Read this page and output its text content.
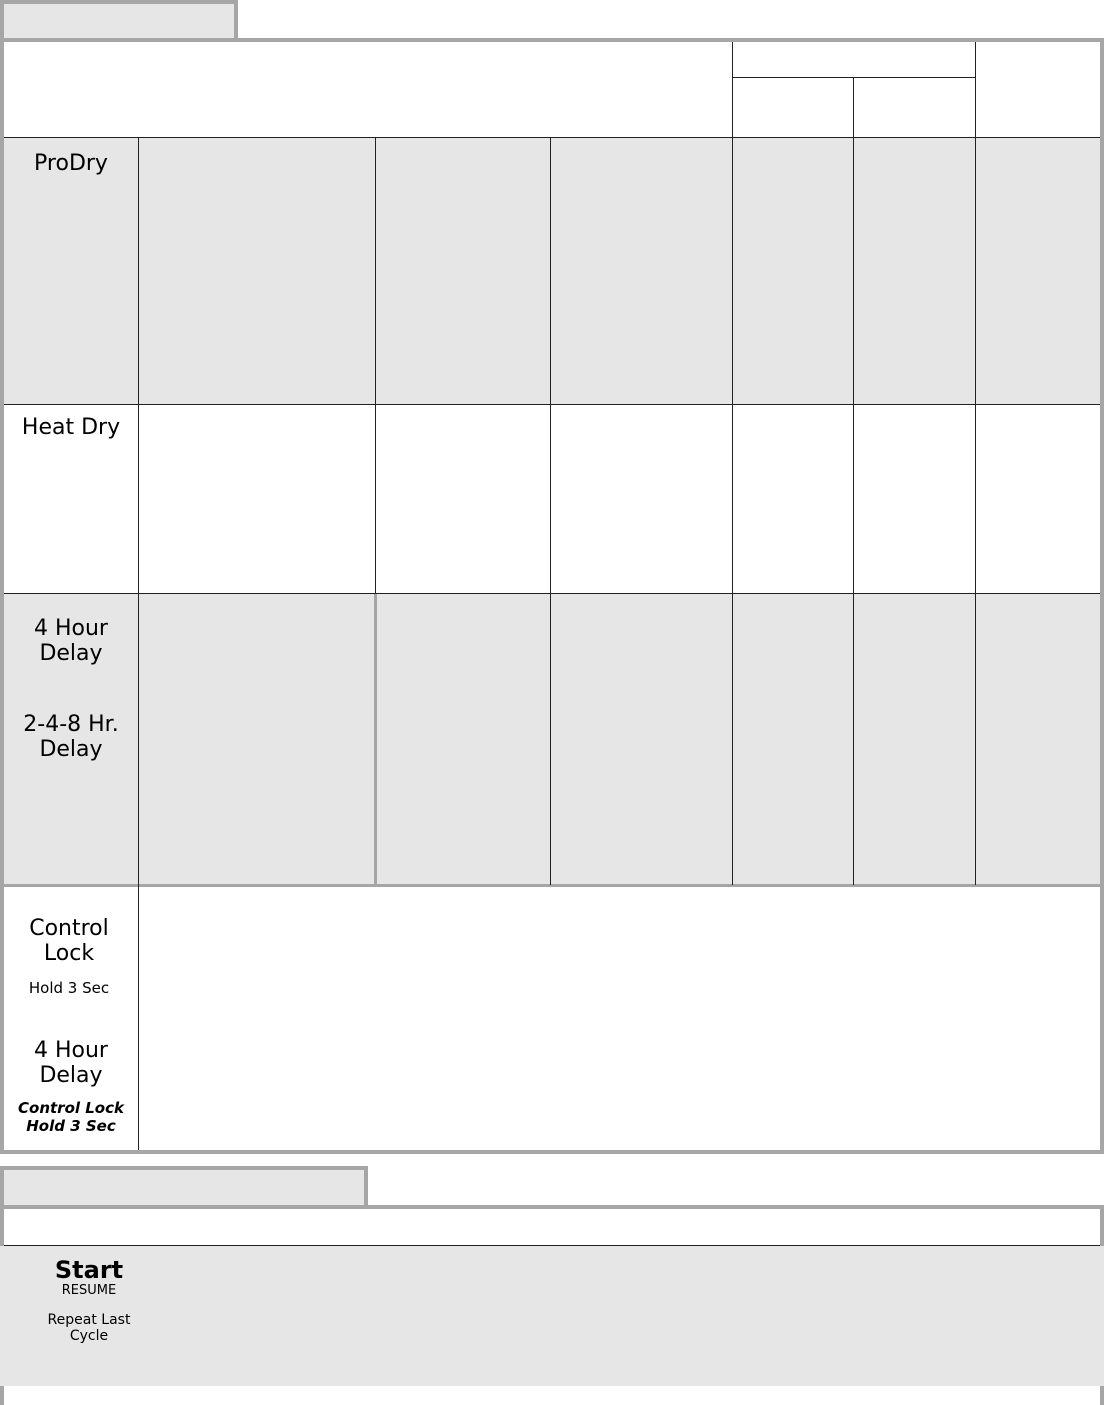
ProDry
Heat Dry
4 Hour
Delay
2-4-8 Hr.
Delay
Control
Lock
Hold 3 Sec
4 Hour
Delay
Control Lock
Hold 3 Sec
Start
RESUME
Repeat Last
Cycle
